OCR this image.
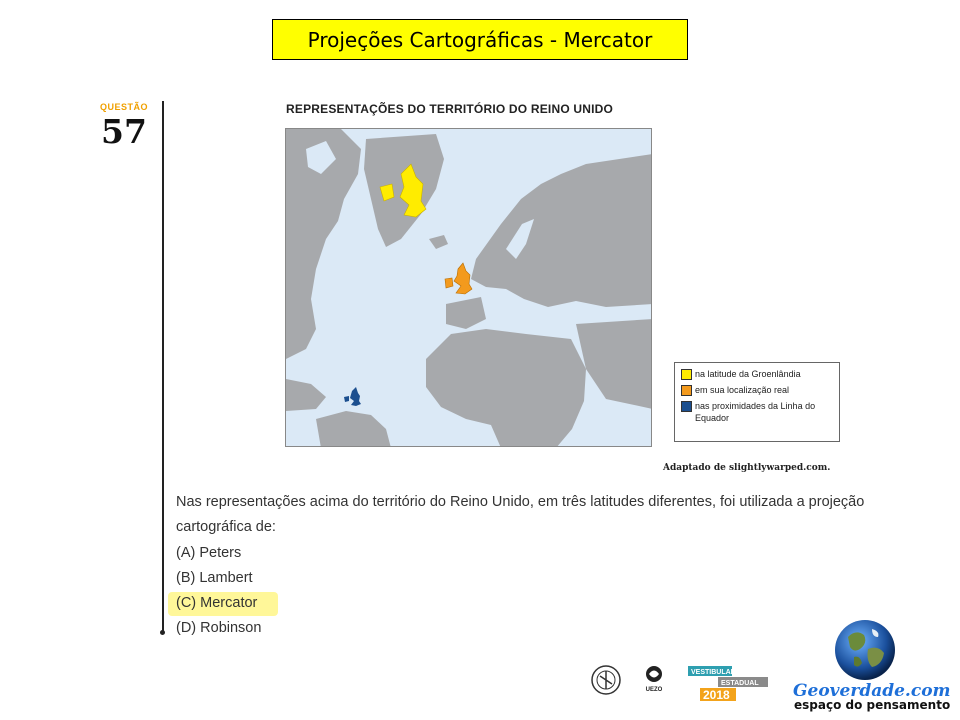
Projeções Cartográficas - Mercator
QUESTÃO
57
REPRESENTAÇÕES DO TERRITÓRIO DO REINO UNIDO
na latitude da Groenlândia
em sua localização real
nas proximidades da Linha do Equador
Adaptado de slightlywarped.com.
Nas representações acima do território do Reino Unido, em três latitudes diferentes, foi utilizada a projeção cartográfica de:
(A) Peters
(B) Lambert
(C) Mercator
(D) Robinson
UEZO
VESTIBULAR
ESTADUAL
2018	Geoverdade.com
espaço do pensamento
